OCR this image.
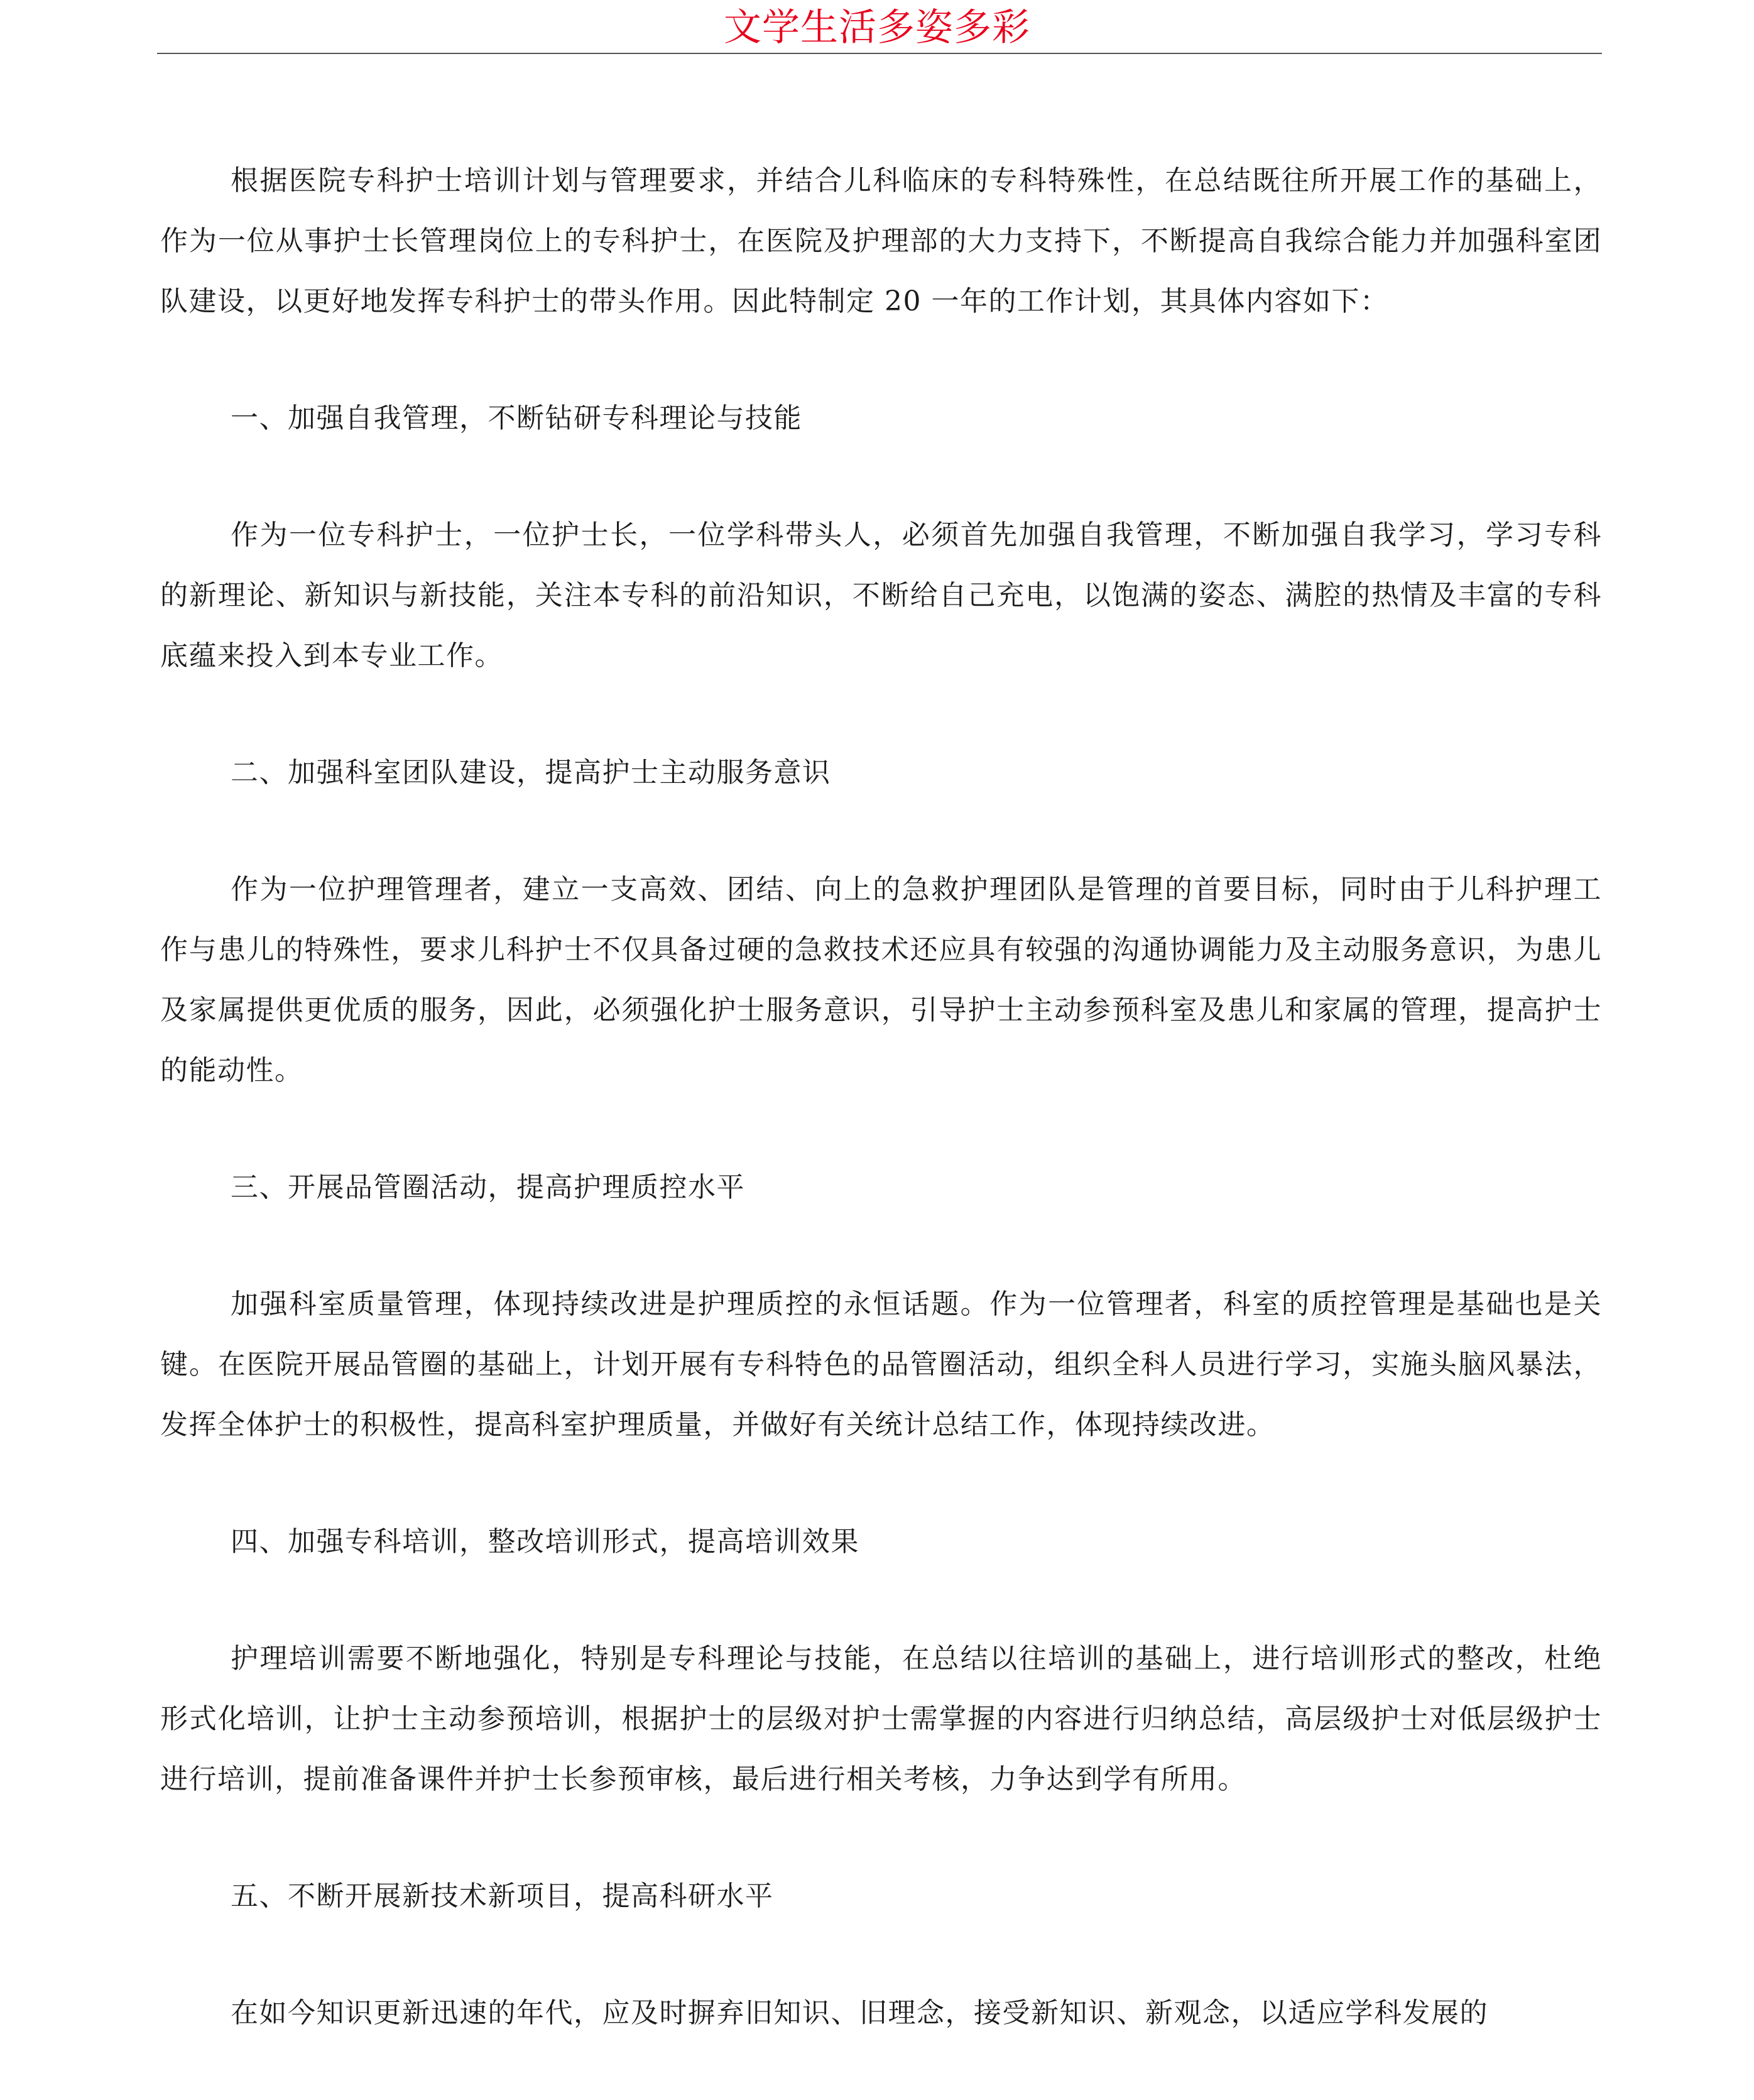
文学生活多姿多彩

根据医院专科护士培训计划与管理要求，并结合儿科临床的专科特殊性，在总结既往所开展工作的基础上，作为一位从事护士长管理岗位上的专科护士，在医院及护理部的大力支持下，不断提高自我综合能力并加强科室团队建设，以更好地发挥专科护士的带头作用。因此特制定 20 一年的工作计划，其具体内容如下：

一、加强自我管理，不断钻研专科理论与技能

作为一位专科护士，一位护士长，一位学科带头人，必须首先加强自我管理，不断加强自我学习，学习专科的新理论、新知识与新技能，关注本专科的前沿知识，不断给自己充电，以饱满的姿态、满腔的热情及丰富的专科底蕴来投入到本专业工作。

二、加强科室团队建设，提高护士主动服务意识

作为一位护理管理者，建立一支高效、团结、向上的急救护理团队是管理的首要目标，同时由于儿科护理工作与患儿的特殊性，要求儿科护士不仅具备过硬的急救技术还应具有较强的沟通协调能力及主动服务意识，为患儿及家属提供更优质的服务，因此，必须强化护士服务意识，引导护士主动参预科室及患儿和家属的管理，提高护士的能动性。

三、开展品管圈活动，提高护理质控水平

加强科室质量管理，体现持续改进是护理质控的永恒话题。作为一位管理者，科室的质控管理是基础也是关键。在医院开展品管圈的基础上，计划开展有专科特色的品管圈活动，组织全科人员进行学习，实施头脑风暴法，发挥全体护士的积极性，提高科室护理质量，并做好有关统计总结工作，体现持续改进。

四、加强专科培训，整改培训形式，提高培训效果

护理培训需要不断地强化，特别是专科理论与技能，在总结以往培训的基础上，进行培训形式的整改，杜绝形式化培训，让护士主动参预培训，根据护士的层级对护士需掌握的内容进行归纳总结，高层级护士对低层级护士进行培训，提前准备课件并护士长参预审核，最后进行相关考核，力争达到学有所用。

五、不断开展新技术新项目，提高科研水平

在如今知识更新迅速的年代，应及时摒弃旧知识、旧理念，接受新知识、新观念，以适应学科发展的
